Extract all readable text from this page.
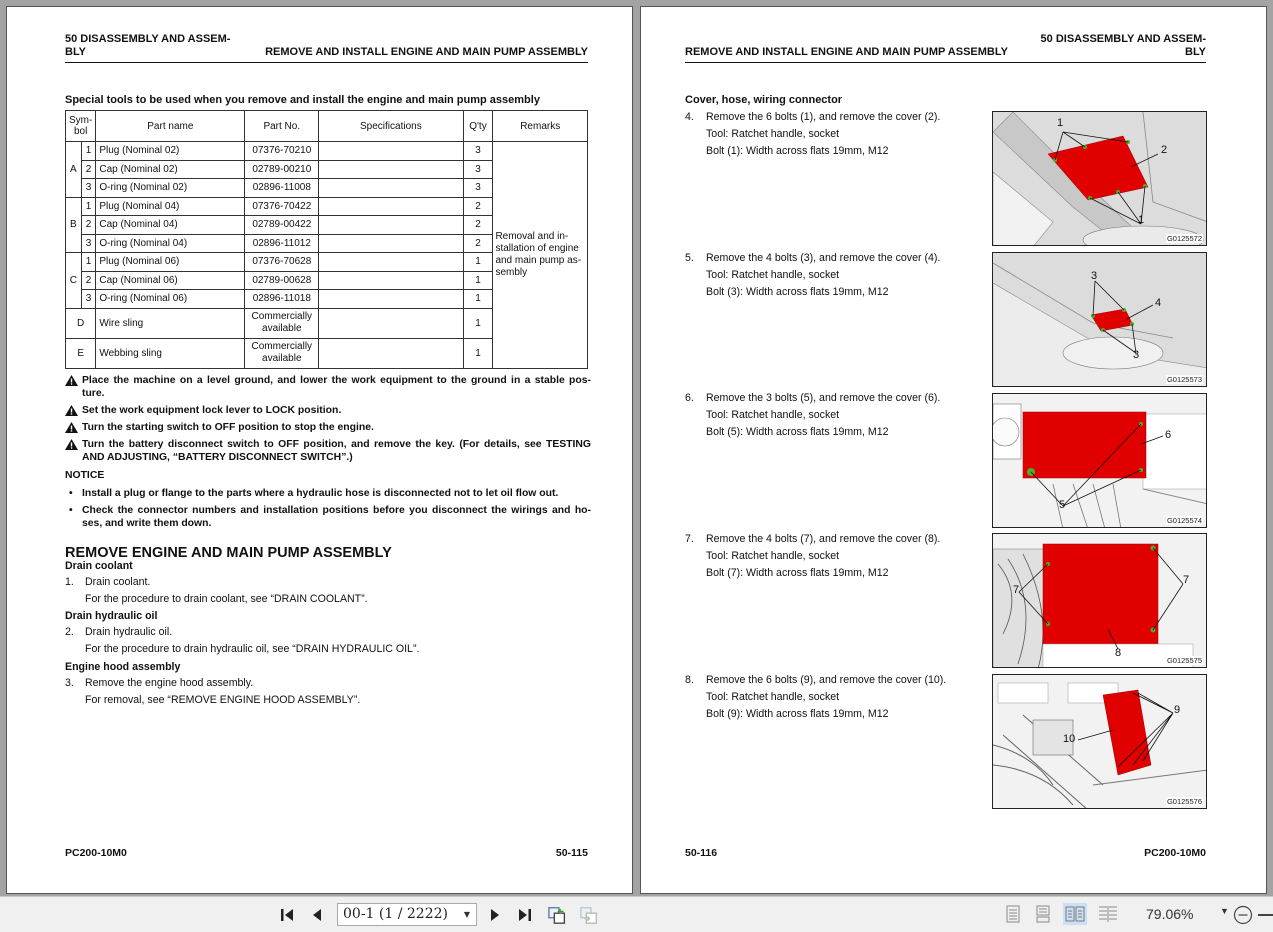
50 DISASSEMBLY AND ASSEM-
BLY	REMOVE AND INSTALL ENGINE AND MAIN PUMP ASSEMBLY
Special tools to be used when you remove and install the engine and main pump assembly
Sym-
bol		Part name	Part No.	Specifications	Q'ty	Remarks
A	1	Plug (Nominal 02)	07376-70210		3	Removal and in-
stallation of engine
and main pump as-
sembly

	2	Cap (Nominal 02)	02789-00210		3	
	3	O-ring (Nominal 02)	02896-11008		3	
B	1	Plug (Nominal 04)	07376-70422		2	
	2	Cap (Nominal 04)	02789-00422		2	
	3	O-ring (Nominal 04)	02896-11012		2	
C	1	Plug (Nominal 06)	07376-70628		1	
	2	Cap (Nominal 06)	02789-00628		1	
	3	O-ring (Nominal 06)	02896-11018		1	
D		Wire sling	Commercially
available		1	
E		Webbing sling	Commercially
available		1	
NOTICE
REMOVE ENGINE AND MAIN PUMP ASSEMBLY
PC200-10M0	50-115
Place the machine on a level ground, and lower the work equipment to the ground in a stable pos-
ture.
Set the work equipment lock lever to LOCK position.
Turn the starting switch to OFF position to stop the engine.
Turn the battery disconnect switch to OFF position, and remove the key. (For details, see TESTING
AND ADJUSTING, “BATTERY DISCONNECT SWITCH”.)
• Install a plug or flange to the parts where a hydraulic hose is disconnected not to let oil flow out.
• Check the connector numbers and installation positions before you disconnect the wirings and ho-
ses, and write them down.
Drain coolant
1. Drain coolant.
For the procedure to drain coolant, see “DRAIN COOLANT”.
Drain hydraulic oil
2. Drain hydraulic oil.
For the procedure to drain hydraulic oil, see “DRAIN HYDRAULIC OIL”.
Engine hood assembly
3. Remove the engine hood assembly.
For removal, see “REMOVE ENGINE HOOD ASSEMBLY”.
REMOVE AND INSTALL ENGINE AND MAIN PUMP ASSEMBLY
50 DISASSEMBLY AND ASSEM-
BLY
Cover, hose, wiring connector
50-116	PC200-10M0
4. Remove the 6 bolts (1), and remove the cover (2).
Tool: Ratchet handle, socket
Bolt (1): Width across flats 19mm, M12
1
2
1
G0125572
5. Remove the 4 bolts (3), and remove the cover (4).
Tool: Ratchet handle, socket
Bolt (3): Width across flats 19mm, M12
3
4
3
G0125573
6. Remove the 3 bolts (5), and remove the cover (6).
Tool: Ratchet handle, socket
Bolt (5): Width across flats 19mm, M12	6
5
G0125574
7. Remove the 4 bolts (7), and remove the cover (8).
Tool: Ratchet handle, socket
Bolt (7): Width across flats 19mm, M12
7
7
8
G0125575
8. Remove the 6 bolts (9), and remove the cover (10).
Tool: Ratchet handle, socket
Bolt (9): Width across flats 19mm, M12	9
10
G0125576
00-1 (1 / 2222) ▼	79.06%	▼
